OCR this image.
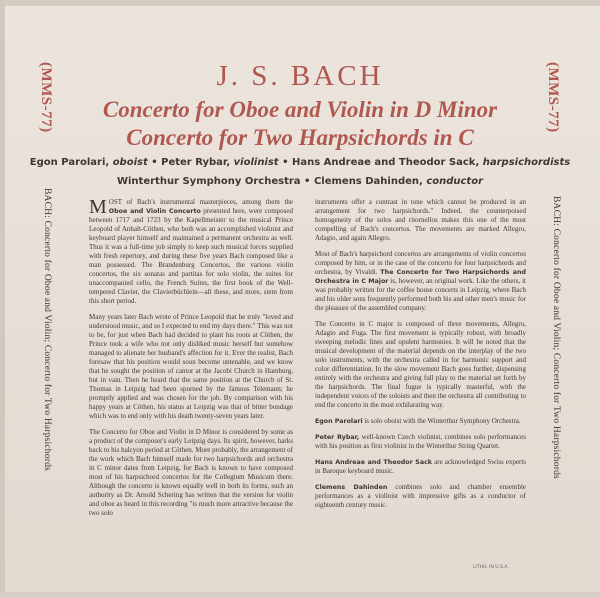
(MMS-77)
BACH: Concerto for Oboe and Violin; Concerto for Two Harpsichords
(MMS-77)
BACH: Concerto for Oboe and Violin; Concerto for Two Harpsichords
J. S. BACH
Concerto for Oboe and Violin in D Minor
Concerto for Two Harpsichords in C
Egon Parolari, oboist • Peter Rybar, violinist • Hans Andreae and Theodor Sack, harpsichordists
Winterthur Symphony Orchestra • Clemens Dahinden, conductor

MOST of Bach's instrumental masterpieces, among them the Oboe and Violin Concerto presented here, were composed between 1717 and 1723 by the Kapellmeister to the musical Prince Leopold of Anhalt-Cöthen, who both was an accomplished violinist and keyboard player himself and maintained a permanent orchestra as well. Thus it was a full-time job simply to keep such musical forces supplied with fresh repertory, and during these five years Bach composed like a man possessed. The Brandenburg Concertos, the various violin concertos, the six sonatas and partitas for solo violin, the suites for unaccompanied cello, the French Suites, the first book of the Well-tempered Clavier, the Clavierbüchlein—all these, and more, stem from this short period.

Many years later Bach wrote of Prince Leopold that he truly "loved and understood music, and so I expected to end my days there." This was not to be, for just when Bach had decided to plant his roots at Cöthen, the Prince took a wife who not only disliked music herself but somehow managed to alienate her husband's affection for it. Ever the realist, Bach foresaw that his position would soon become untenable, and we know that he sought the position of cantor at the Jacobi Church in Hamburg, but in vain. Then he heard that the same position at the Church of St. Thomas in Leipzig had been spurned by the famous Telemann; he promptly applied and was chosen for the job. By comparison with his happy years at Cöthen, his status at Leipzig was that of bitter bondage which was to end only with his death twenty-seven years later.

The Concerto for Oboe and Violin in D Minor is considered by some as a product of the composer's early Leipzig days. Its spirit, however, harks back to his halcyon period at Cöthen. More probably, the arrangement of the work which Bach himself made for two harpsichords and orchestra in C minor dates from Leipzig, for Bach is known to have composed most of his harpsichord concertos for the Collegium Musicum there. Although the concerto is known equally well in both its forms, such an authority as Dr. Arnold Schering has written that the version for violin and oboe as heard in this recording "is much more attractive because the two solo

instruments offer a contrast in tone which cannot be produced in an arrangement for two harpsichords." Indeed, the counterpoised homogeneity of the solos and ritornellos makes this one of the most compelling of Bach's concertos. The movements are marked Allegro, Adagio, and again Allegro.

Most of Bach's harpsichord concertos are arrangements of violin concertos composed by him, or in the case of the concerto for four harpsichords and orchestra, by Vivaldi. The Concerto for Two Harpsichords and Orchestra in C Major is, however, an original work. Like the others, it was probably written for the coffee house concerts in Leipzig, where Bach and his older sons frequently performed both his and other men's music for the pleasure of the assembled company.

The Concerto in C major is composed of three movements, Allegro, Adagio and Fuga. The first movement is typically robust, with broadly sweeping melodic lines and opulent harmonies. It will be noted that the musical development of the material depends on the interplay of the two solo instruments, with the orchestra called in for harmonic support and color differentiation. In the slow movement Bach goes further, dispensing entirely with the orchestra and giving full play to the material set forth by the harpsichords. The final fugue is typically masterful, with the independent voices of the soloists and then the orchestra all contributing to end the concerto in the most exhilarating way.

Egon Parolari is solo oboist with the Winterthur Symphony Orchestra.

Peter Rybar, well-known Czech violinist, combines solo performances with his position as first violinist in the Winterthur String Quartet.

Hans Andreae and Theodor Sack are acknowledged Swiss experts in Baroque keyboard music.

Clemens Dahinden combines solo and chamber ensemble performances as a violinist with impressive gifts as a conductor of eighteenth century music.

LITHO. IN U.S.A.
